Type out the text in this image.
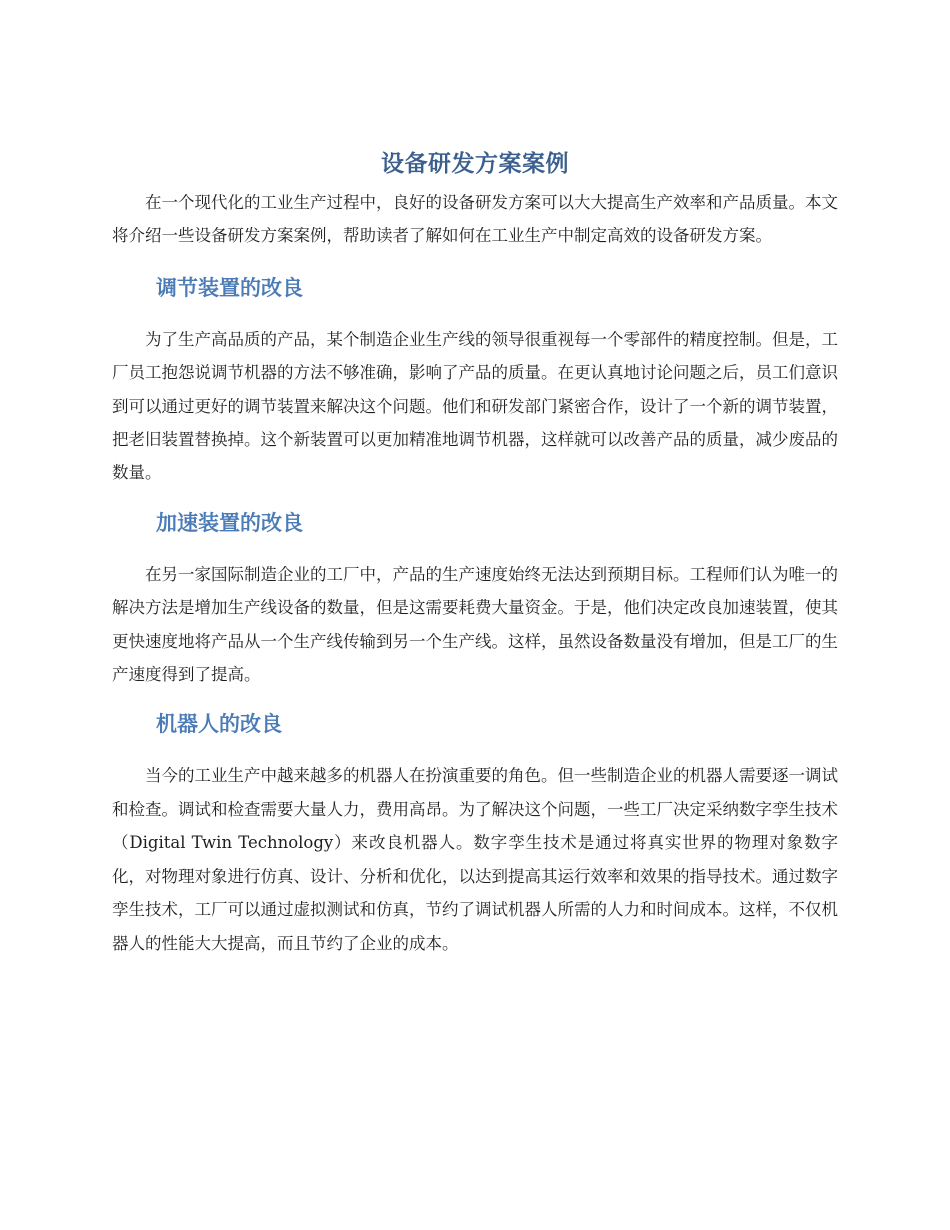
设备研发方案案例

在一个现代化的工业生产过程中，良好的设备研发方案可以大大提高生产效率和产品质量。本文将介绍一些设备研发方案案例，帮助读者了解如何在工业生产中制定高效的设备研发方案。

调节装置的改良

为了生产高品质的产品，某个制造企业生产线的领导很重视每一个零部件的精度控制。但是，工厂员工抱怨说调节机器的方法不够准确，影响了产品的质量。在更认真地讨论问题之后，员工们意识到可以通过更好的调节装置来解决这个问题。他们和研发部门紧密合作，设计了一个新的调节装置，把老旧装置替换掉。这个新装置可以更加精准地调节机器，这样就可以改善产品的质量，减少废品的数量。

加速装置的改良

在另一家国际制造企业的工厂中，产品的生产速度始终无法达到预期目标。工程师们认为唯一的解决方法是增加生产线设备的数量，但是这需要耗费大量资金。于是，他们决定改良加速装置，使其更快速度地将产品从一个生产线传输到另一个生产线。这样，虽然设备数量没有增加，但是工厂的生产速度得到了提高。

机器人的改良

当今的工业生产中越来越多的机器人在扮演重要的角色。但一些制造企业的机器人需要逐一调试和检查。调试和检查需要大量人力，费用高昂。为了解决这个问题，一些工厂决定采纳数字孪生技术（Digital Twin Technology）来改良机器人。数字孪生技术是通过将真实世界的物理对象数字化，对物理对象进行仿真、设计、分析和优化，以达到提高其运行效率和效果的指导技术。通过数字孪生技术，工厂可以通过虚拟测试和仿真，节约了调试机器人所需的人力和时间成本。这样，不仅机器人的性能大大提高，而且节约了企业的成本。
